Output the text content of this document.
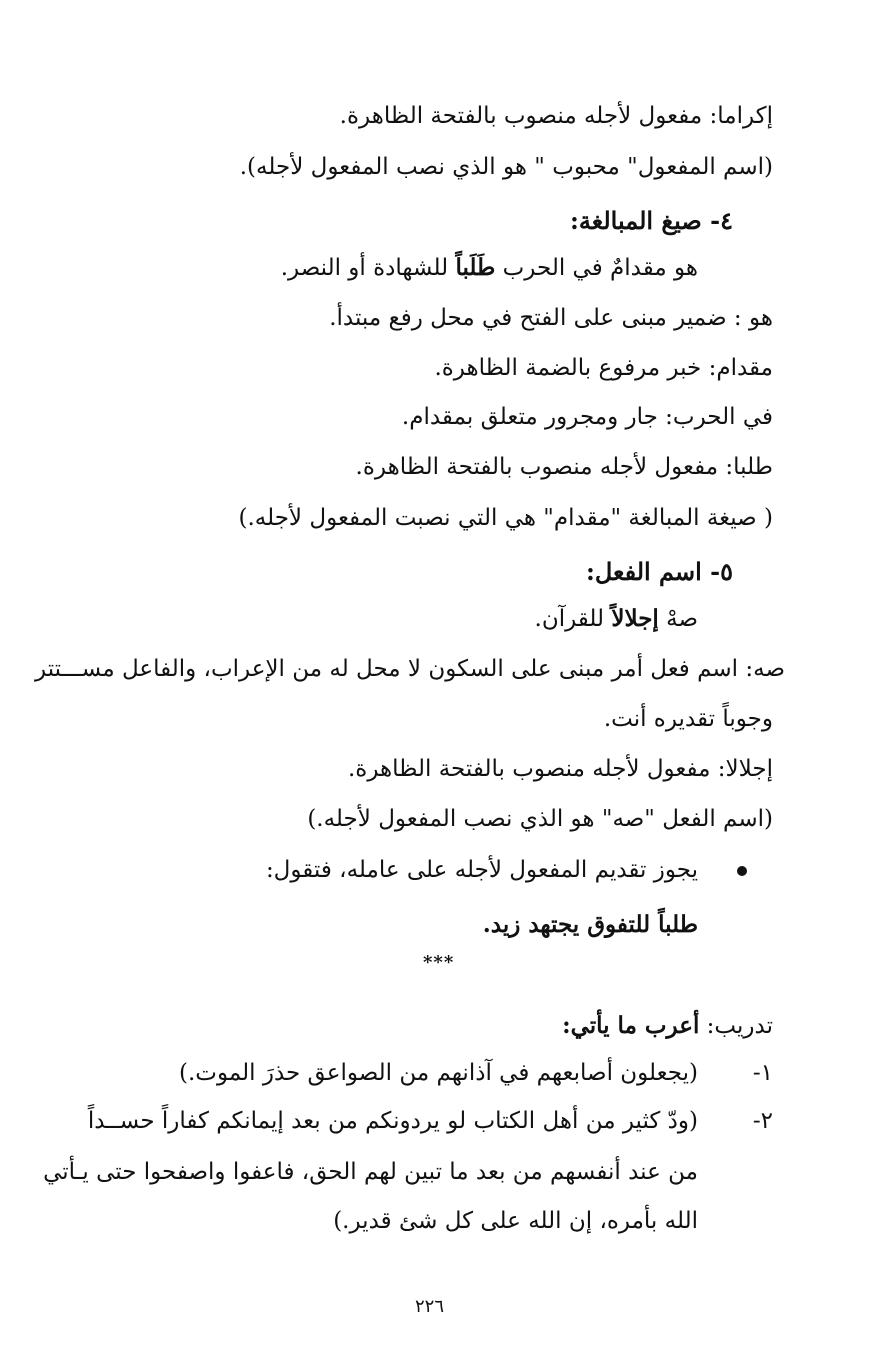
إكراما: مفعول لأجله منصوب بالفتحة الظاهرة.
(اسم المفعول" محبوب " هو الذي نصب المفعول لأجله).
٤- صيغ المبالغة:
هو مقدامٌ في الحرب طَلَباً للشهادة أو النصر.
هو : ضمير مبنى على الفتح في محل رفع مبتدأ.
مقدام: خبر مرفوع بالضمة الظاهرة.
في الحرب: جار ومجرور متعلق بمقدام.
طلبا: مفعول لأجله منصوب بالفتحة الظاهرة.
( صيغة المبالغة "مقدام" هي التي نصبت المفعول لأجله.)
٥- اسم الفعل:
صهْ إجلالاً للقرآن.
صه: اسم فعل أمر مبنى على السكون لا محل له من الإعراب، والفاعل مســـتتر
وجوباً تقديره أنت.
إجلالا: مفعول لأجله منصوب بالفتحة الظاهرة.
(اسم الفعل "صه" هو الذي نصب المفعول لأجله.)
يجوز تقديم المفعول لأجله على عامله، فتقول:
طلباً للتفوق يجتهد زيد.
***
تدريب: أعرب ما يأتي:
١-
(يجعلون أصابعهم في آذانهم من الصواعق حذرَ الموت.)
٢-
(ودّ كثير من أهل الكتاب لو يردونكم من بعد إيمانكم كفاراً حســداً
من عند أنفسهم من بعد ما تبين لهم الحق، فاعفوا واصفحوا حتى يـأتي
الله بأمره، إن الله على كل شئ قدير.)
٢٢٦
